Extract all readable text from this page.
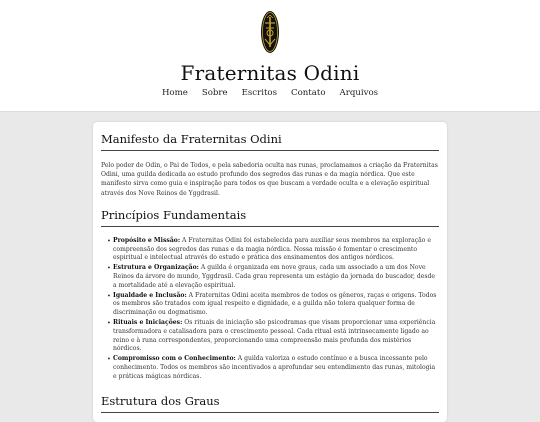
Fraternitas Odini
Home Sobre Escritos Contato Arquivos
Manifesto da Fraternitas Odini

Pelo poder de Odin, o Pai de Todos, e pela sabedoria oculta nas runas, proclamamos a criação da Fraternitas Odini, uma guilda dedicada ao estudo profundo dos segredos das runas e da magia nórdica. Que este manifesto sirva como guia e inspiração para todos os que buscam a verdade oculta e a elevação espiritual através dos Nove Reinos de Yggdrasil.

Princípios Fundamentais
• Propósito e Missão: A Fraternitas Odini foi estabelecida para auxiliar seus membros na exploração e compreensão dos segredos das runas e da magia nórdica. Nossa missão é fomentar o crescimento espiritual e intelectual através do estudo e prática dos ensinamentos dos antigos nórdicos.
• Estrutura e Organização: A guilda é organizada em nove graus, cada um associado a um dos Nove Reinos da árvore do mundo, Yggdrasil. Cada grau representa um estágio da jornada do buscador, desde a mortalidade até a elevação espiritual.
• Igualdade e Inclusão: A Fraternitas Odini aceita membros de todos os gêneros, raças e origens. Todos os membros são tratados com igual respeito e dignidade, e a guilda não tolera qualquer forma de discriminação ou dogmatismo.
• Rituais e Iniciações: Os rituais de iniciação são psicodramas que visam proporcionar uma experiência transformadora e catalisadora para o crescimento pessoal. Cada ritual está intrinsecamente ligado ao reino e à runa correspondentes, proporcionando uma compreensão mais profunda dos mistérios nórdicos.
• Compromisso com o Conhecimento: A guilda valoriza o estudo contínuo e a busca incessante pelo conhecimento. Todos os membros são incentivados a aprofundar seu entendimento das runas, mitologia e práticas mágicas nórdicas.
Estrutura dos Graus
